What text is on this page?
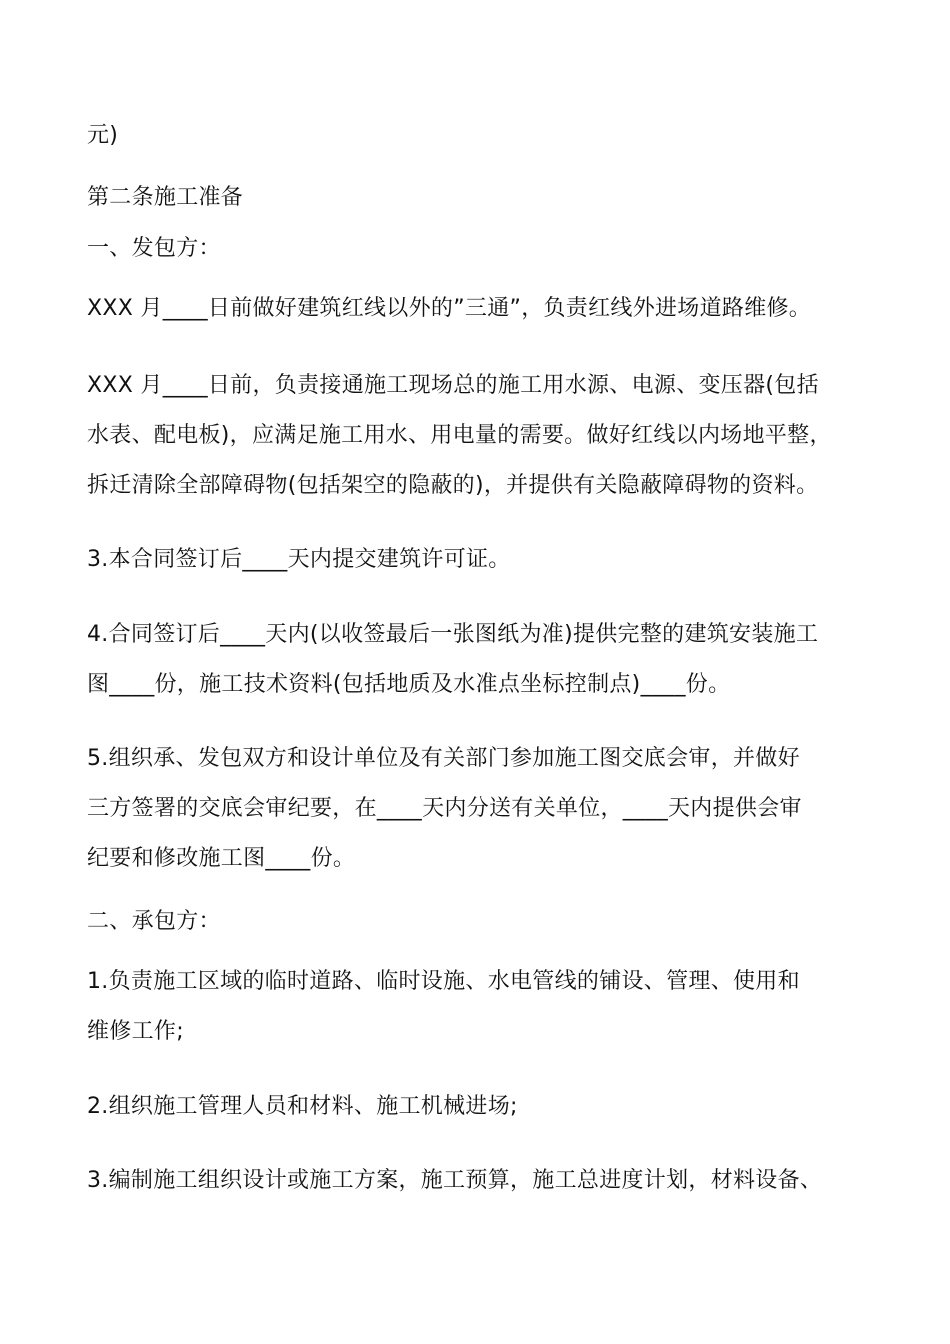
元)
第二条施工准备
一、发包方：
XXX 月____日前做好建筑红线以外的”三通”，负责红线外进场道路维修。
XXX 月____日前，负责接通施工现场总的施工用水源、电源、变压器(包括
水表、配电板)，应满足施工用水、用电量的需要。做好红线以内场地平整，
拆迁清除全部障碍物(包括架空的隐蔽的)，并提供有关隐蔽障碍物的资料。
3.本合同签订后____天内提交建筑许可证。
4.合同签订后____天内(以收签最后一张图纸为准)提供完整的建筑安装施工
图____份，施工技术资料(包括地质及水准点坐标控制点)____份。
5.组织承、发包双方和设计单位及有关部门参加施工图交底会审，并做好
三方签署的交底会审纪要，在____天内分送有关单位，____天内提供会审
纪要和修改施工图____份。
二、承包方：
1.负责施工区域的临时道路、临时设施、水电管线的铺设、管理、使用和
维修工作;
2.组织施工管理人员和材料、施工机械进场;
3.编制施工组织设计或施工方案，施工预算，施工总进度计划，材料设备、
